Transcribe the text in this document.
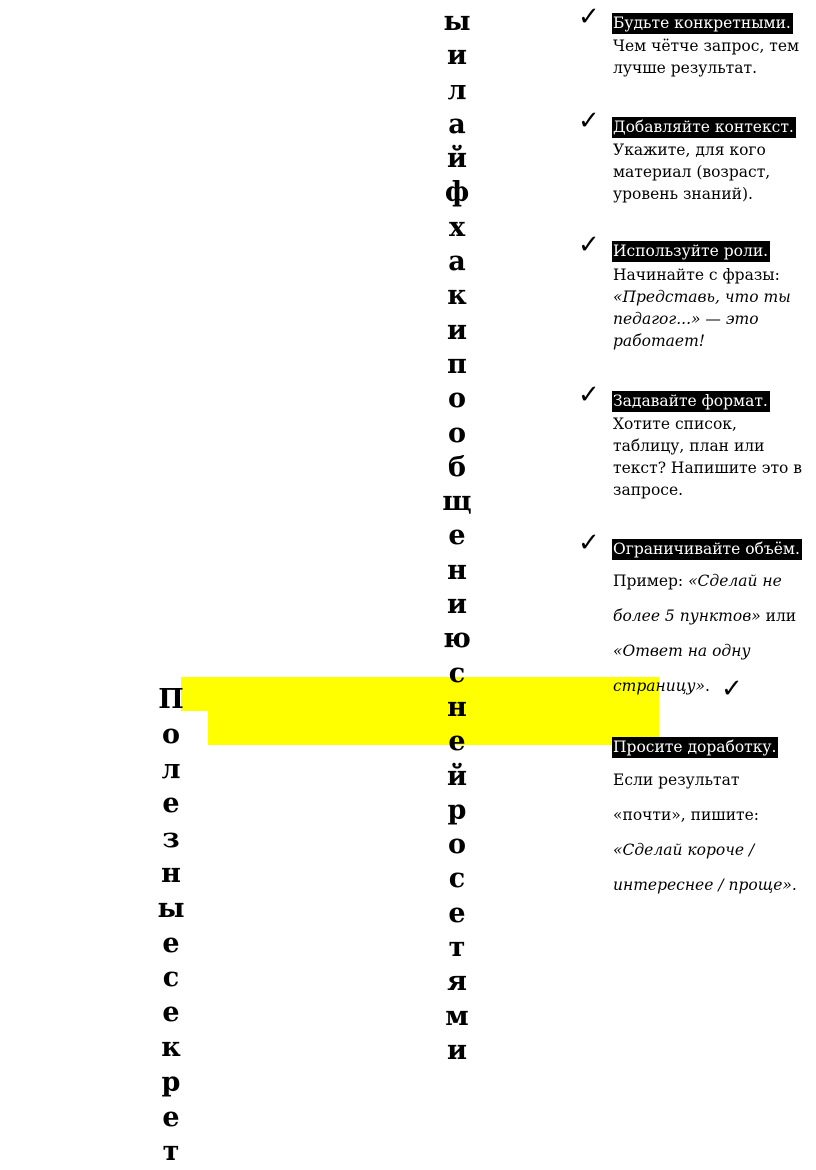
П
о
л
е
з
н
ы
е
с
е
к
р
е
т
ы
и
л
а
й
ф
х
а
к
и
п
о
о
б
щ
е
н
и
ю
с
н
е
й
р
о
с
е
т
я
м
и
✓ Будьте конкретными.
Чем чётче запрос, тем
лучше результат.
✓ Добавляйте контекст.
Укажите, для кого
материал (возраст,
уровень знаний).
✓ Используйте роли.
Начинайте с фразы:
«Представь, что ты
педагог...» — это
работает!
✓ Задавайте формат.
Хотите список,
таблицу, план или
текст? Напишите это в
запросе.
✓ Ограничивайте объём.
Пример: «Сделай не
более 5 пунктов» или
«Ответ на одну
страницу». ✓
Просите доработку.
Если результат
«почти», пишите:
«Сделай короче /
интереснее / проще».
